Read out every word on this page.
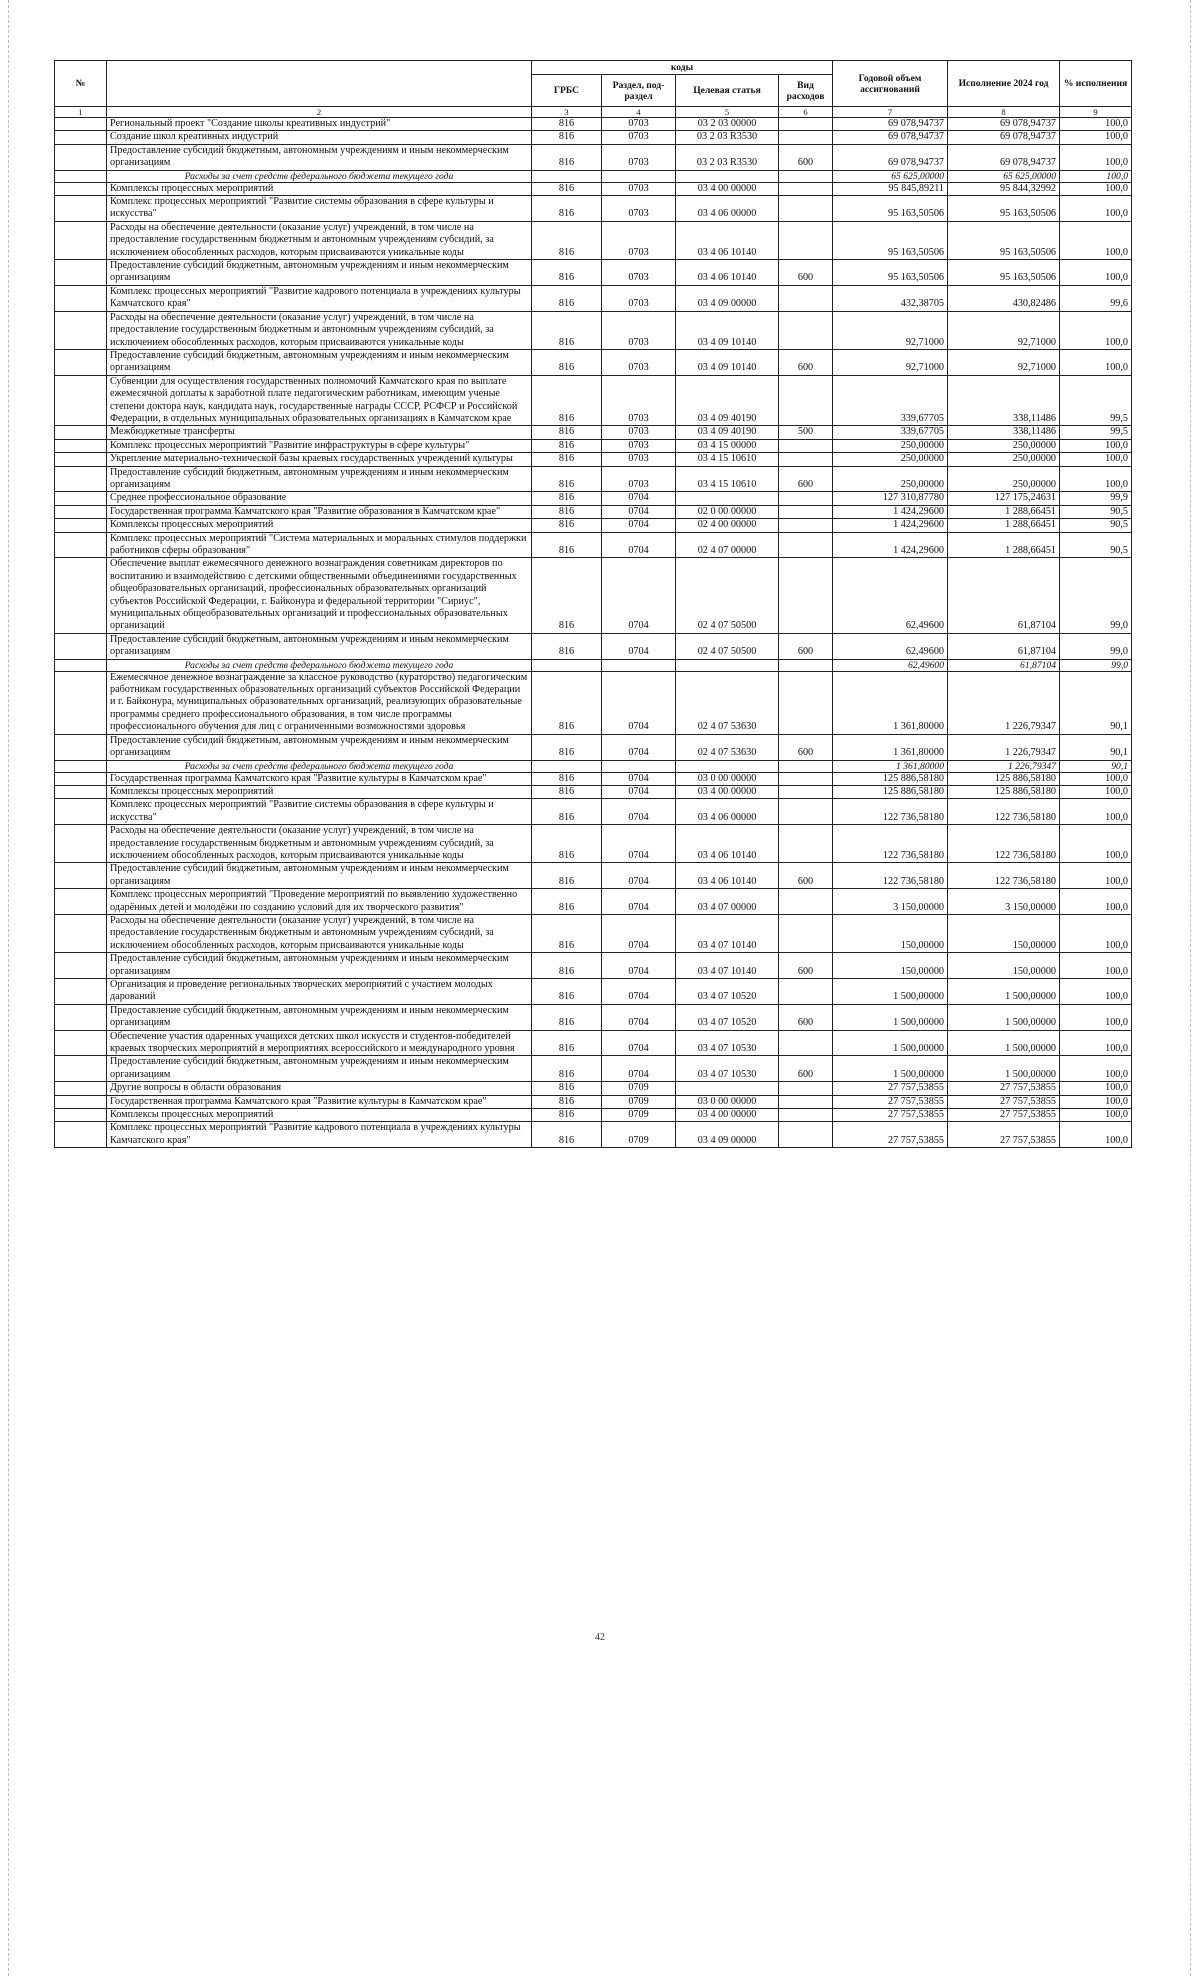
№		коды				Годовой объем ассигнований	Исполнение 2024 год	% исполнения
		ГРБС	Раздел, под-раздел	Целевая статья	Вид расходов			
1	2	3	4	5	6	7	8	9
	Региональный проект "Создание школы креативных индустрий"	816	0703	03 2 03 00000		69 078,94737	69 078,94737	100,0
	Создание школ креативных индустрий	816	0703	03 2 03 R3530		69 078,94737	69 078,94737	100,0
	Предоставление субсидий бюджетным, автономным учреждениям и иным некоммерческим организациям	816	0703	03 2 03 R3530	600	69 078,94737	69 078,94737	100,0
	Расходы за счет средств федерального бюджета текущего года					65 625,00000	65 625,00000	100,0
	Комплексы процессных мероприятий	816	0703	03 4 00 00000		95 845,89211	95 844,32992	100,0
	Комплекс процессных мероприятий "Развитие системы образования в сфере культуры и искусства"	816	0703	03 4 06 00000		95 163,50506	95 163,50506	100,0
	Расходы на обеспечение деятельности (оказание услуг) учреждений, в том числе на предоставление государственным бюджетным и автономным учреждениям субсидий, за исключением обособленных расходов, которым присваиваются уникальные коды	816	0703	03 4 06 10140		95 163,50506	95 163,50506	100,0
	Предоставление субсидий бюджетным, автономным учреждениям и иным некоммерческим организациям	816	0703	03 4 06 10140	600	95 163,50506	95 163,50506	100,0
	Комплекс процессных мероприятий "Развитие кадрового потенциала в учреждениях культуры Камчатского края"	816	0703	03 4 09 00000		432,38705	430,82486	99,6
	Расходы на обеспечение деятельности (оказание услуг) учреждений, в том числе на предоставление государственным бюджетным и автономным учреждениям субсидий, за исключением обособленных расходов, которым присваиваются уникальные коды	816	0703	03 4 09 10140		92,71000	92,71000	100,0
	Предоставление субсидий бюджетным, автономным учреждениям и иным некоммерческим организациям	816	0703	03 4 09 10140	600	92,71000	92,71000	100,0
	Субвенции для осуществления государственных полномочий Камчатского края по выплате ежемесячной доплаты к заработной плате педагогическим работникам, имеющим ученые степени доктора наук, кандидата наук, государственные награды СССР, РСФСР и Российской Федерации, в отдельных муниципальных образовательных организациях в Камчатском крае	816	0703	03 4 09 40190		339,67705	338,11486	99,5
	Межбюджетные трансферты	816	0703	03 4 09 40190	500	339,67705	338,11486	99,5
	Комплекс процессных мероприятий "Развитие инфраструктуры в сфере культуры"	816	0703	03 4 15 00000		250,00000	250,00000	100,0
	Укрепление материально-технической базы краевых государственных учреждений культуры	816	0703	03 4 15 10610		250,00000	250,00000	100,0
	Предоставление субсидий бюджетным, автономным учреждениям и иным некоммерческим организациям	816	0703	03 4 15 10610	600	250,00000	250,00000	100,0
	Среднее профессиональное образование	816	0704			127 310,87780	127 175,24631	99,9
	Государственная программа Камчатского края "Развитие образования в Камчатском крае"	816	0704	02 0 00 00000		1 424,29600	1 288,66451	90,5
	Комплексы процессных мероприятий	816	0704	02 4 00 00000		1 424,29600	1 288,66451	90,5
	Комплекс процессных мероприятий "Система материальных и моральных стимулов поддержки работников сферы образования"	816	0704	02 4 07 00000		1 424,29600	1 288,66451	90,5
	Обеспечение выплат ежемесячного денежного вознаграждения советникам директоров по воспитанию и взаимодействию с детскими общественными объединениями государственных общеобразовательных организаций, профессиональных образовательных организаций субъектов Российской Федерации, г. Байконура и федеральной территории "Сириус", муниципальных общеобразовательных организаций и профессиональных образовательных организаций	816	0704	02 4 07 50500		62,49600	61,87104	99,0
	Предоставление субсидий бюджетным, автономным учреждениям и иным некоммерческим организациям	816	0704	02 4 07 50500	600	62,49600	61,87104	99,0
	Расходы за счет средств федерального бюджета текущего года					62,49600	61,87104	99,0
	Ежемесячное денежное вознаграждение за классное руководство (кураторство) педагогическим работникам государственных образовательных организаций субъектов Российской Федерации и г. Байконура, муниципальных образовательных организаций, реализующих образовательные программы среднего профессионального образования, в том числе программы профессионального обучения для лиц с ограниченными возможностями здоровья	816	0704	02 4 07 53630		1 361,80000	1 226,79347	90,1
	Предоставление субсидий бюджетным, автономным учреждениям и иным некоммерческим организациям	816	0704	02 4 07 53630	600	1 361,80000	1 226,79347	90,1
	Расходы за счет средств федерального бюджета текущего года					1 361,80000	1 226,79347	90,1
	Государственная программа Камчатского края "Развитие культуры в Камчатском крае"	816	0704	03 0 00 00000		125 886,58180	125 886,58180	100,0
	Комплексы процессных мероприятий	816	0704	03 4 00 00000		125 886,58180	125 886,58180	100,0
	Комплекс процессных мероприятий "Развитие системы образования в сфере культуры и искусства"	816	0704	03 4 06 00000		122 736,58180	122 736,58180	100,0
	Расходы на обеспечение деятельности (оказание услуг) учреждений, в том числе на предоставление государственным бюджетным и автономным учреждениям субсидий, за исключением обособленных расходов, которым присваиваются уникальные коды	816	0704	03 4 06 10140		122 736,58180	122 736,58180	100,0
	Предоставление субсидий бюджетным, автономным учреждениям и иным некоммерческим организациям	816	0704	03 4 06 10140	600	122 736,58180	122 736,58180	100,0
	Комплекс процессных мероприятий "Проведение мероприятий по выявлению художественно одарённых детей и молодёжи по созданию условий для их творческого развития"	816	0704	03 4 07 00000		3 150,00000	3 150,00000	100,0
	Расходы на обеспечение деятельности (оказание услуг) учреждений, в том числе на предоставление государственным бюджетным и автономным учреждениям субсидий, за исключением обособленных расходов, которым присваиваются уникальные коды	816	0704	03 4 07 10140		150,00000	150,00000	100,0
	Предоставление субсидий бюджетным, автономным учреждениям и иным некоммерческим организациям	816	0704	03 4 07 10140	600	150,00000	150,00000	100,0
	Организация и проведение региональных творческих мероприятий с участием молодых дарований	816	0704	03 4 07 10520		1 500,00000	1 500,00000	100,0
	Предоставление субсидий бюджетным, автономным учреждениям и иным некоммерческим организациям	816	0704	03 4 07 10520	600	1 500,00000	1 500,00000	100,0
	Обеспечение участия одаренных учащихся детских школ искусств и студентов-победителей краевых творческих мероприятий в мероприятиях всероссийского и международного уровня	816	0704	03 4 07 10530		1 500,00000	1 500,00000	100,0
	Предоставление субсидий бюджетным, автономным учреждениям и иным некоммерческим организациям	816	0704	03 4 07 10530	600	1 500,00000	1 500,00000	100,0
	Другие вопросы в области образования	816	0709			27 757,53855	27 757,53855	100,0
	Государственная программа Камчатского края "Развитие культуры в Камчатском крае"	816	0709	03 0 00 00000		27 757,53855	27 757,53855	100,0
	Комплексы процессных мероприятий	816	0709	03 4 00 00000		27 757,53855	27 757,53855	100,0
	Комплекс процессных мероприятий "Развитие кадрового потенциала в учреждениях культуры Камчатского края"	816	0709	03 4 09 00000		27 757,53855	27 757,53855	100,0
42
